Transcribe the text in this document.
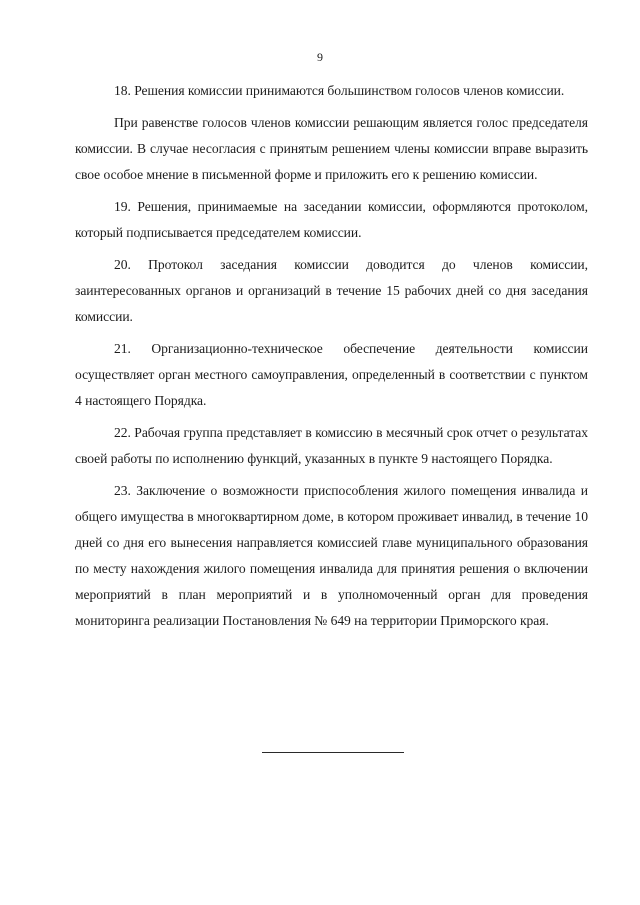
9

18. Решения комиссии принимаются большинством голосов членов комиссии.

При равенстве голосов членов комиссии решающим является голос председателя комиссии. В случае несогласия с принятым решением члены комиссии вправе выразить свое особое мнение в письменной форме и приложить его к решению комиссии.

19. Решения, принимаемые на заседании комиссии, оформляются протоколом, который подписывается председателем комиссии.

20. Протокол заседания комиссии доводится до членов комиссии, заинтересованных органов и организаций в течение 15 рабочих дней со дня заседания комиссии.

21. Организационно-техническое обеспечение деятельности комиссии осуществляет орган местного самоуправления, определенный в соответствии с пунктом 4 настоящего Порядка.

22. Рабочая группа представляет в комиссию в месячный срок отчет о результатах своей работы по исполнению функций, указанных в пункте 9 настоящего Порядка.

23. Заключение о возможности приспособления жилого помещения инвалида и общего имущества в многоквартирном доме, в котором проживает инвалид, в течение 10 дней со дня его вынесения направляется комиссией главе муниципального образования по месту нахождения жилого помещения инвалида для принятия решения о включении мероприятий в план мероприятий и в уполномоченный орган для проведения мониторинга реализации Постановления № 649 на территории Приморского края.
